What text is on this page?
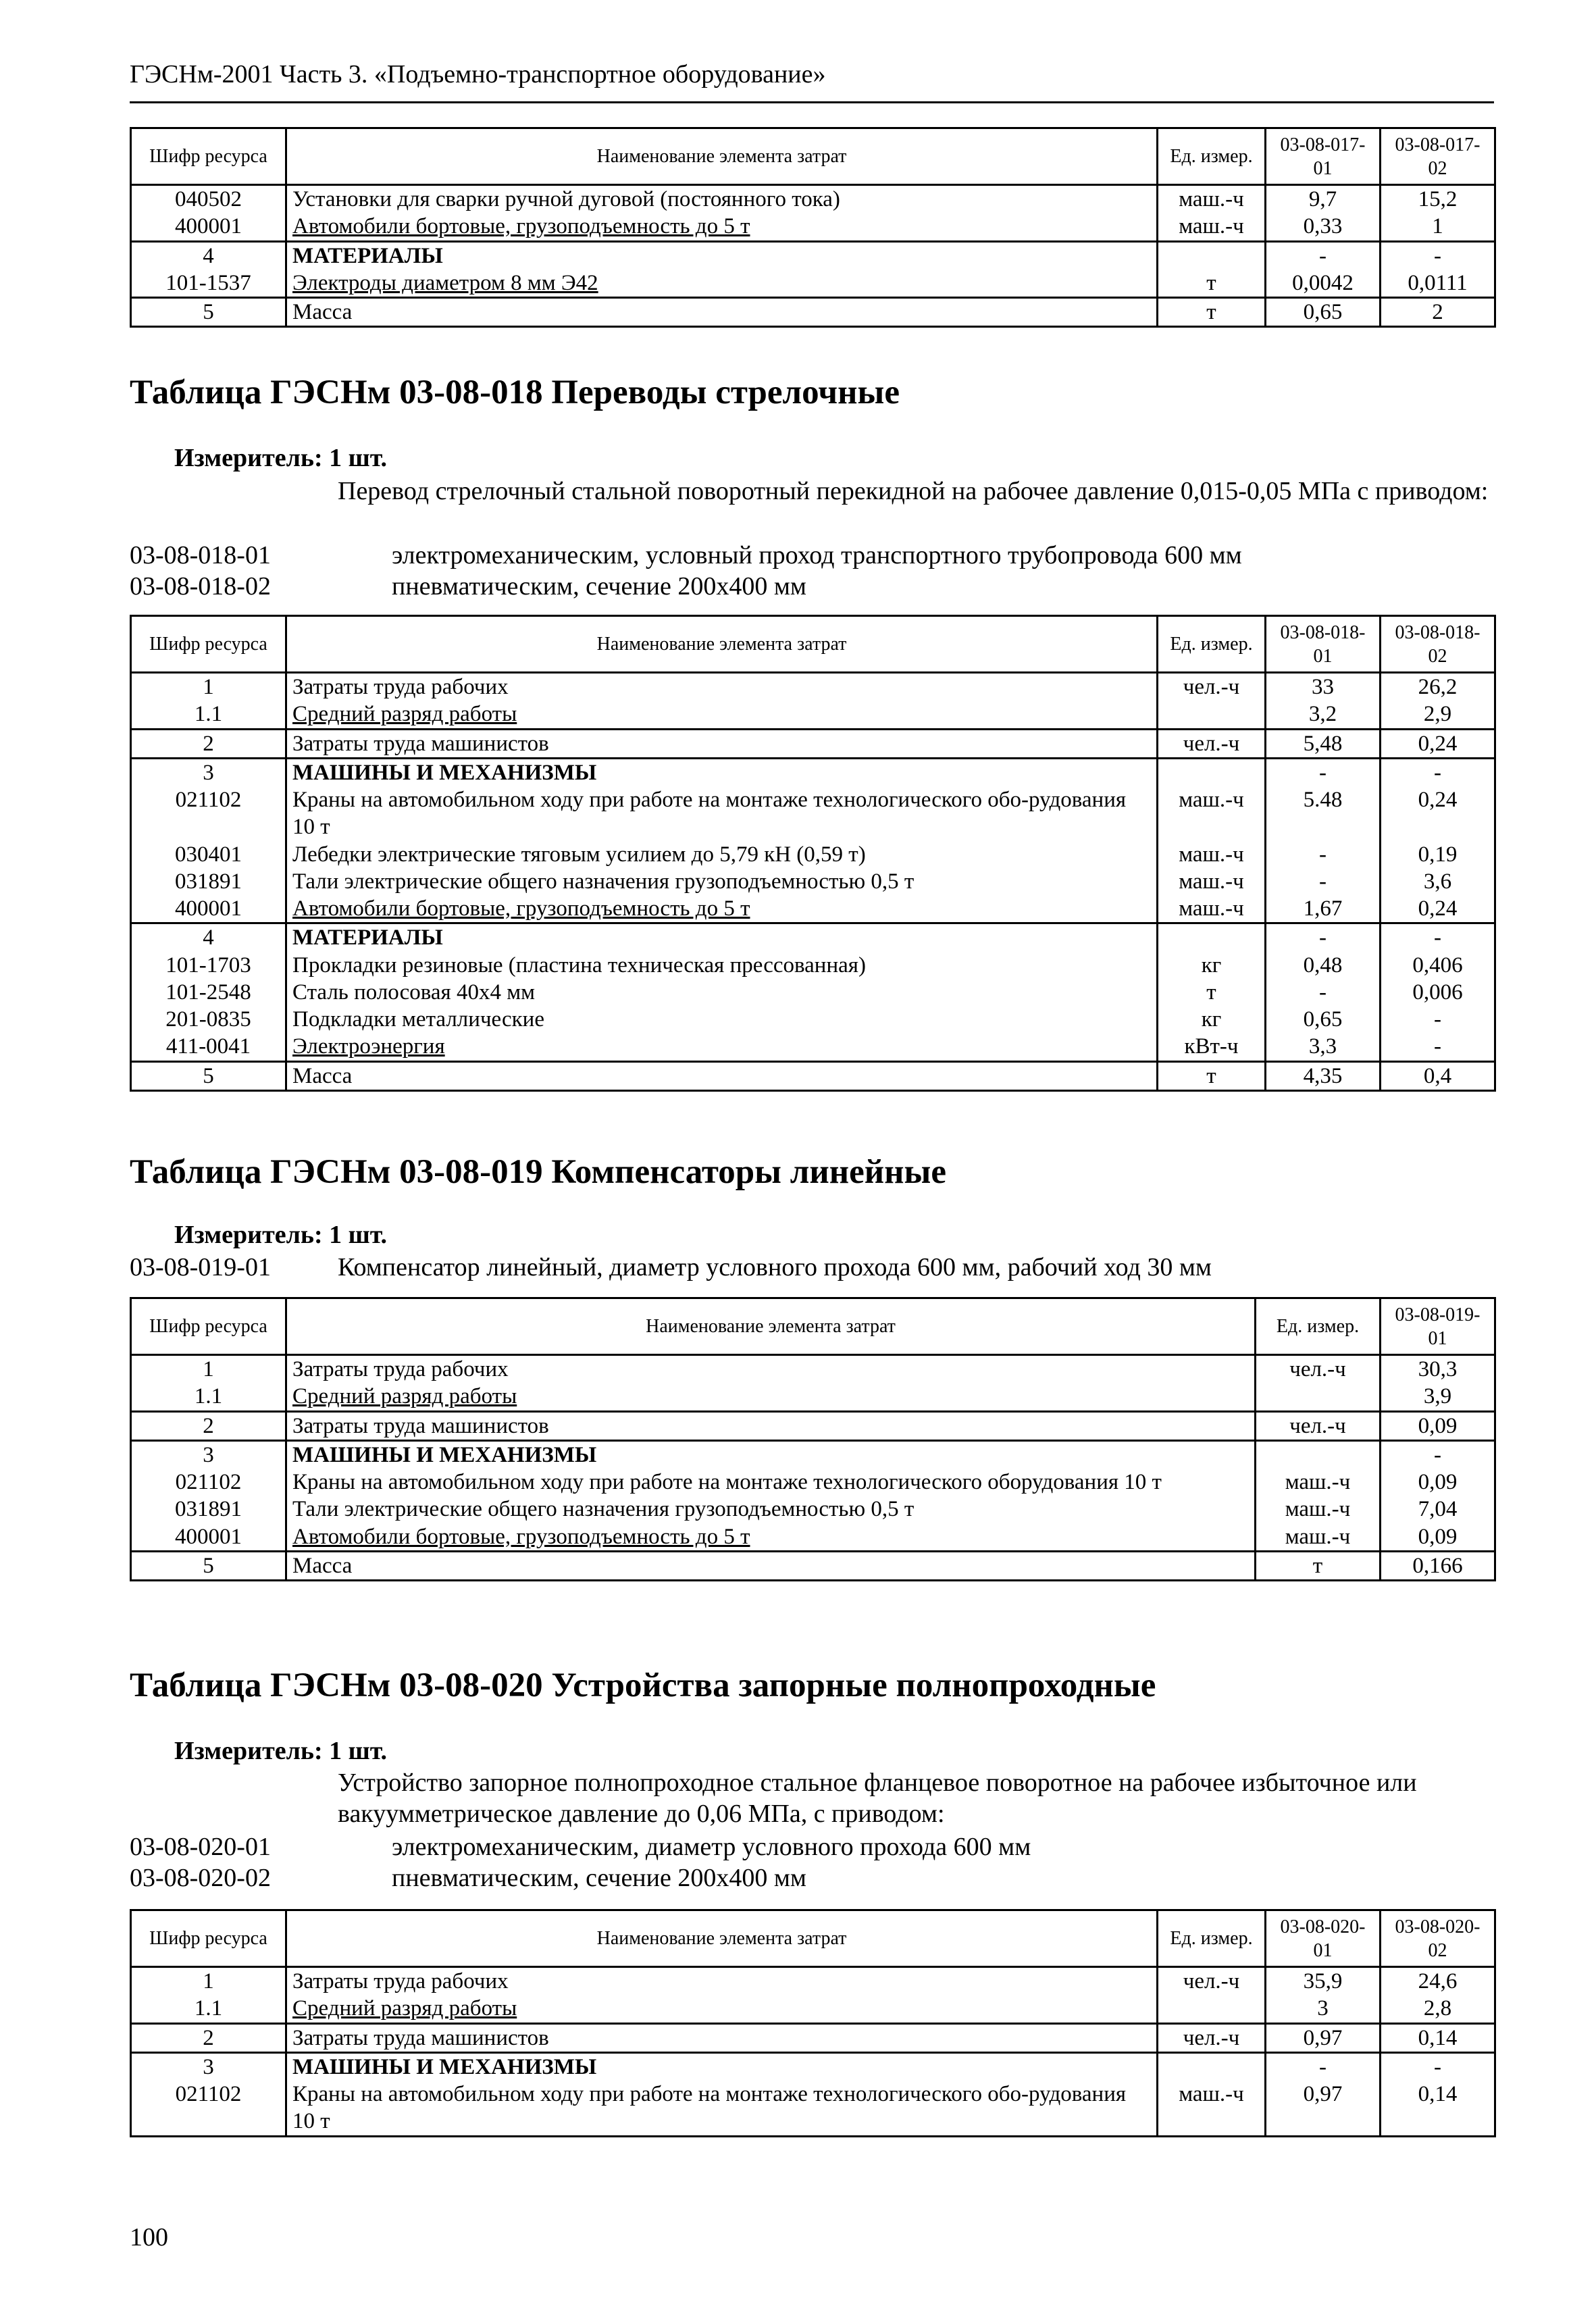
ГЭСНм-2001 Часть 3. «Подъемно-транспортное оборудование»
Шифр ресурса	Наименование элемента затрат	Ед. измер.	03-08-017-01	03-08-017-02
040502	Установки для сварки ручной дуговой (постоянного тока)	маш.-ч	9,7	15,2
400001	Автомобили бортовые, грузоподъемность до 5 т	маш.-ч	0,33	1
4	МАТЕРИАЛЫ		-	-
101-1537	Электроды диаметром 8 мм Э42	т	0,0042	0,0111
5	Масса	т	0,65	2
Таблица ГЭСНм 03-08-018 Переводы стрелочные
Измеритель: 1 шт.
Перевод стрелочный стальной поворотный перекидной на рабочее давление 0,015-0,05 МПа с приводом:
03-08-018-01	электромеханическим, условный проход транспортного трубопровода 600 мм
03-08-018-02	пневматическим, сечение 200х400 мм
Шифр ресурса	Наименование элемента затрат	Ед. измер.	03-08-018-01	03-08-018-02
1	Затраты труда рабочих	чел.-ч	33	26,2
1.1	Средний разряд работы		3,2	2,9
2	Затраты труда машинистов	чел.-ч	5,48	0,24
3	МАШИНЫ И МЕХАНИЗМЫ		-	-
021102	Краны на автомобильном ходу при работе на монтаже технологического обо-рудования 10 т	маш.-ч	5.48	0,24
030401	Лебедки электрические тяговым усилием до 5,79 кН (0,59 т)	маш.-ч	-	0,19
031891	Тали электрические общего назначения грузоподъемностью 0,5 т	маш.-ч	-	3,6
400001	Автомобили бортовые, грузоподъемность до 5 т	маш.-ч	1,67	0,24
4	МАТЕРИАЛЫ		-	-
101-1703	Прокладки резиновые (пластина техническая прессованная)	кг	0,48	0,406
101-2548	Сталь полосовая 40х4 мм	т	-	0,006
201-0835	Подкладки металлические	кг	0,65	-
411-0041	Электроэнергия	кВт-ч	3,3	-
5	Масса	т	4,35	0,4
Таблица ГЭСНм 03-08-019 Компенсаторы линейные
Измеритель: 1 шт.
03-08-019-01	Компенсатор линейный, диаметр условного прохода 600 мм, рабочий ход 30 мм
Шифр ресурса	Наименование элемента затрат	Ед. измер.	03-08-019-01
1	Затраты труда рабочих	чел.-ч	30,3
1.1	Средний разряд работы		3,9
2	Затраты труда машинистов	чел.-ч	0,09
3	МАШИНЫ И МЕХАНИЗМЫ		-
021102	Краны на автомобильном ходу при работе на монтаже технологического оборудования 10 т	маш.-ч	0,09
031891	Тали электрические общего назначения грузоподъемностью 0,5 т	маш.-ч	7,04
400001	Автомобили бортовые, грузоподъемность до 5 т	маш.-ч	0,09
5	Масса	т	0,166
Таблица ГЭСНм 03-08-020 Устройства запорные полнопроходные
Измеритель: 1 шт.
Устройство запорное полнопроходное стальное фланцевое поворотное на рабочее избыточное или вакуумметрическое давление до 0,06 МПа, с приводом:
03-08-020-01	электромеханическим, диаметр условного прохода 600 мм
03-08-020-02	пневматическим, сечение 200х400 мм
Шифр ресурса	Наименование элемента затрат	Ед. измер.	03-08-020-01	03-08-020-02
1	Затраты труда рабочих	чел.-ч	35,9	24,6
1.1	Средний разряд работы		3	2,8
2	Затраты труда машинистов	чел.-ч	0,97	0,14
3	МАШИНЫ И МЕХАНИЗМЫ		-	-
021102	Краны на автомобильном ходу при работе на монтаже технологического обо-рудования 10 т	маш.-ч	0,97	0,14
100
